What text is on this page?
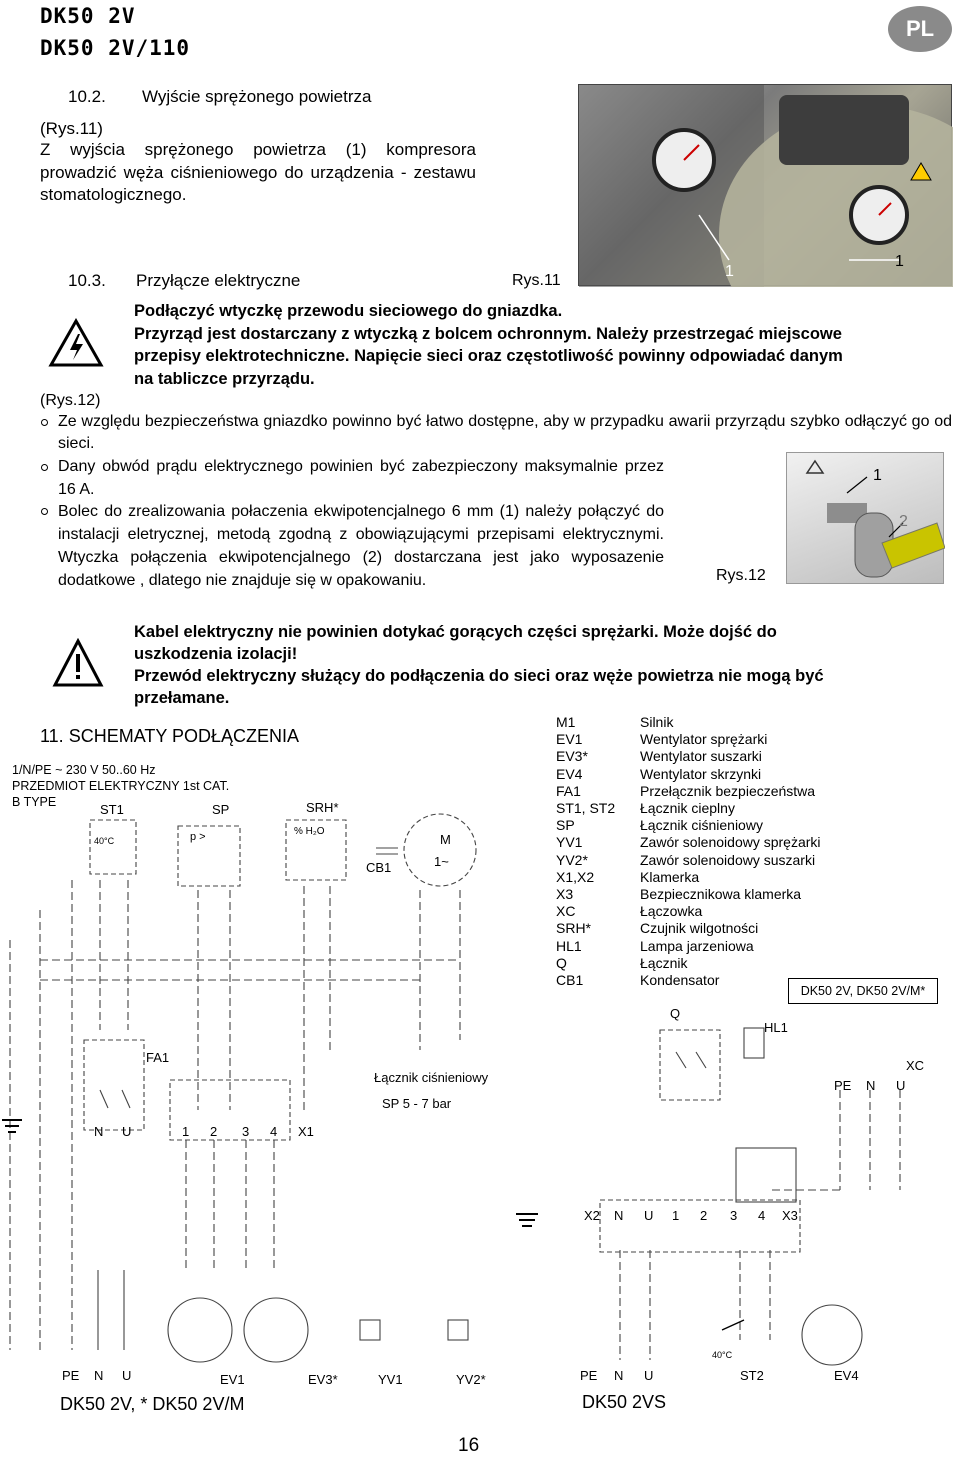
DK50 2V
DK50 2V/110
PL
10.2. Wyjście sprężonego powietrza
(Rys.11)
Z wyjścia sprężonego powietrza (1) kompresora prowadzić węża ciśnieniowego do urządzenia - zestawu stomatologicznego.
1
1
Rys.11
10.3. Przyłącze elektryczne
Podłączyć wtyczkę przewodu sieciowego do gniazdka.
Przyrząd jest dostarczany z wtyczką z bolcem ochronnym. Należy przestrzegać miejscowe
przepisy elektrotechniczne. Napięcie sieci oraz częstotliwość powinny odpowiadać danym
na tabliczce przyrządu.
(Rys.12)
Ze względu bezpieczeństwa gniazdko powinno być łatwo dostępne, aby w przypadku awarii przyrządu szybko odłączyć go od sieci.
Dany obwód prądu elektrycznego powinien być zabezpieczony maksymalnie przez 16 A.
Bolec do zrealizowania połaczenia ekwipotencjalnego 6 mm (1) należy połączyć do instalacji eletrycznej, metodą zgodną z obowiązującymi przepisami elektrycznymi. Wtyczka połączenia ekwipotencjalnego (2) dostarczana jest jako wyposazenie dodatkowe , dlatego nie znajduje się w opakowaniu.
1
2
Rys.12
Kabel elektryczny nie powinien dotykać gorących części sprężarki. Może dojść do
uszkodzenia izolacji!
Przewód elektryczny służący do podłączenia do sieci oraz węże powietrza nie mogą być
przełamane.
11. SCHEMATY PODŁĄCZENIA
1/N/PE ~ 230 V 50..60 Hz
PRZEDMIOT ELEKTRYCZNY 1st CAT.
B TYPE	ST1	SP	SRH*
40°C	p >	% H₂O
CB1
M
1~
FA1
N U	1 2 3 4 X1
Łącznik ciśnieniowy
SP 5 - 7 bar
PE N U	EV1	EV3*	YV1	YV2*
DK50 2V, * DK50 2V/M
M1	Silnik
EV1	Wentylator sprężarki
EV3*	Wentylator suszarki
EV4	Wentylator skrzynki
FA1	Przełącznik bezpieczeństwa
ST1, ST2	Łącznik cieplny
SP	Łącznik ciśnieniowy
YV1	Zawór solenoidowy sprężarki
YV2*	Zawór solenoidowy suszarki
X1,X2	Klamerka
X3	Bezpiecznikowa klamerka
XC	Łączowka
SRH*	Czujnik wilgotności
HL1	Lampa jarzeniowa
Q	Łącznik
CB1	Kondensator
DK50 2V, DK50 2V/M*
Q
HL1
XC
PE N U
X2 N U 1 2 3 4 X3
40°C
PE N U	ST2	EV4
DK50 2VS
16
